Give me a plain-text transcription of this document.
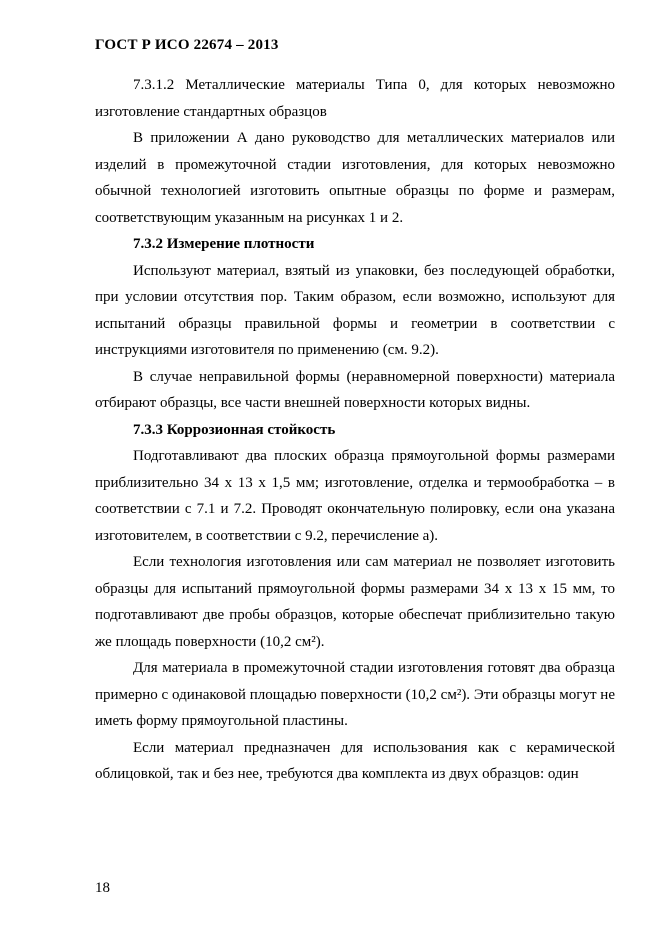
ГОСТ Р ИСО 22674 – 2013

7.3.1.2 Металлические материалы Типа 0, для которых невозможно изготовление стандартных образцов

В приложении А дано руководство для металлических материалов или изделий в промежуточной стадии изготовления, для которых невозможно обычной технологией изготовить опытные образцы по форме и размерам, соответствующим указанным на рисунках 1 и 2.

7.3.2 Измерение плотности

Используют материал, взятый из упаковки, без последующей обработки, при условии отсутствия пор. Таким образом, если возможно, используют для испытаний образцы правильной формы и геометрии в соответствии с инструкциями изготовителя по применению (см. 9.2).

В случае неправильной формы (неравномерной поверхности) материала отбирают образцы, все части внешней поверхности которых видны.

7.3.3 Коррозионная стойкость

Подготавливают два плоских образца прямоугольной формы размерами приблизительно 34 x 13 x 1,5 мм; изготовление, отделка и термообработка – в соответствии с 7.1 и 7.2. Проводят окончательную полировку, если она указана изготовителем, в соответствии с 9.2, перечисление а).

Если технология изготовления или сам материал не позволяет изготовить образцы для испытаний прямоугольной формы размерами 34 x 13 x 15 мм, то подготавливают две пробы образцов, которые обеспечат приблизительно такую же площадь поверхности (10,2 см²).

Для материала в промежуточной стадии изготовления готовят два образца примерно с одинаковой площадью поверхности (10,2 см²). Эти образцы могут не иметь форму прямоугольной пластины.

Если материал предназначен для использования как с керамической облицовкой, так и без нее, требуются два комплекта из двух образцов: один

18
